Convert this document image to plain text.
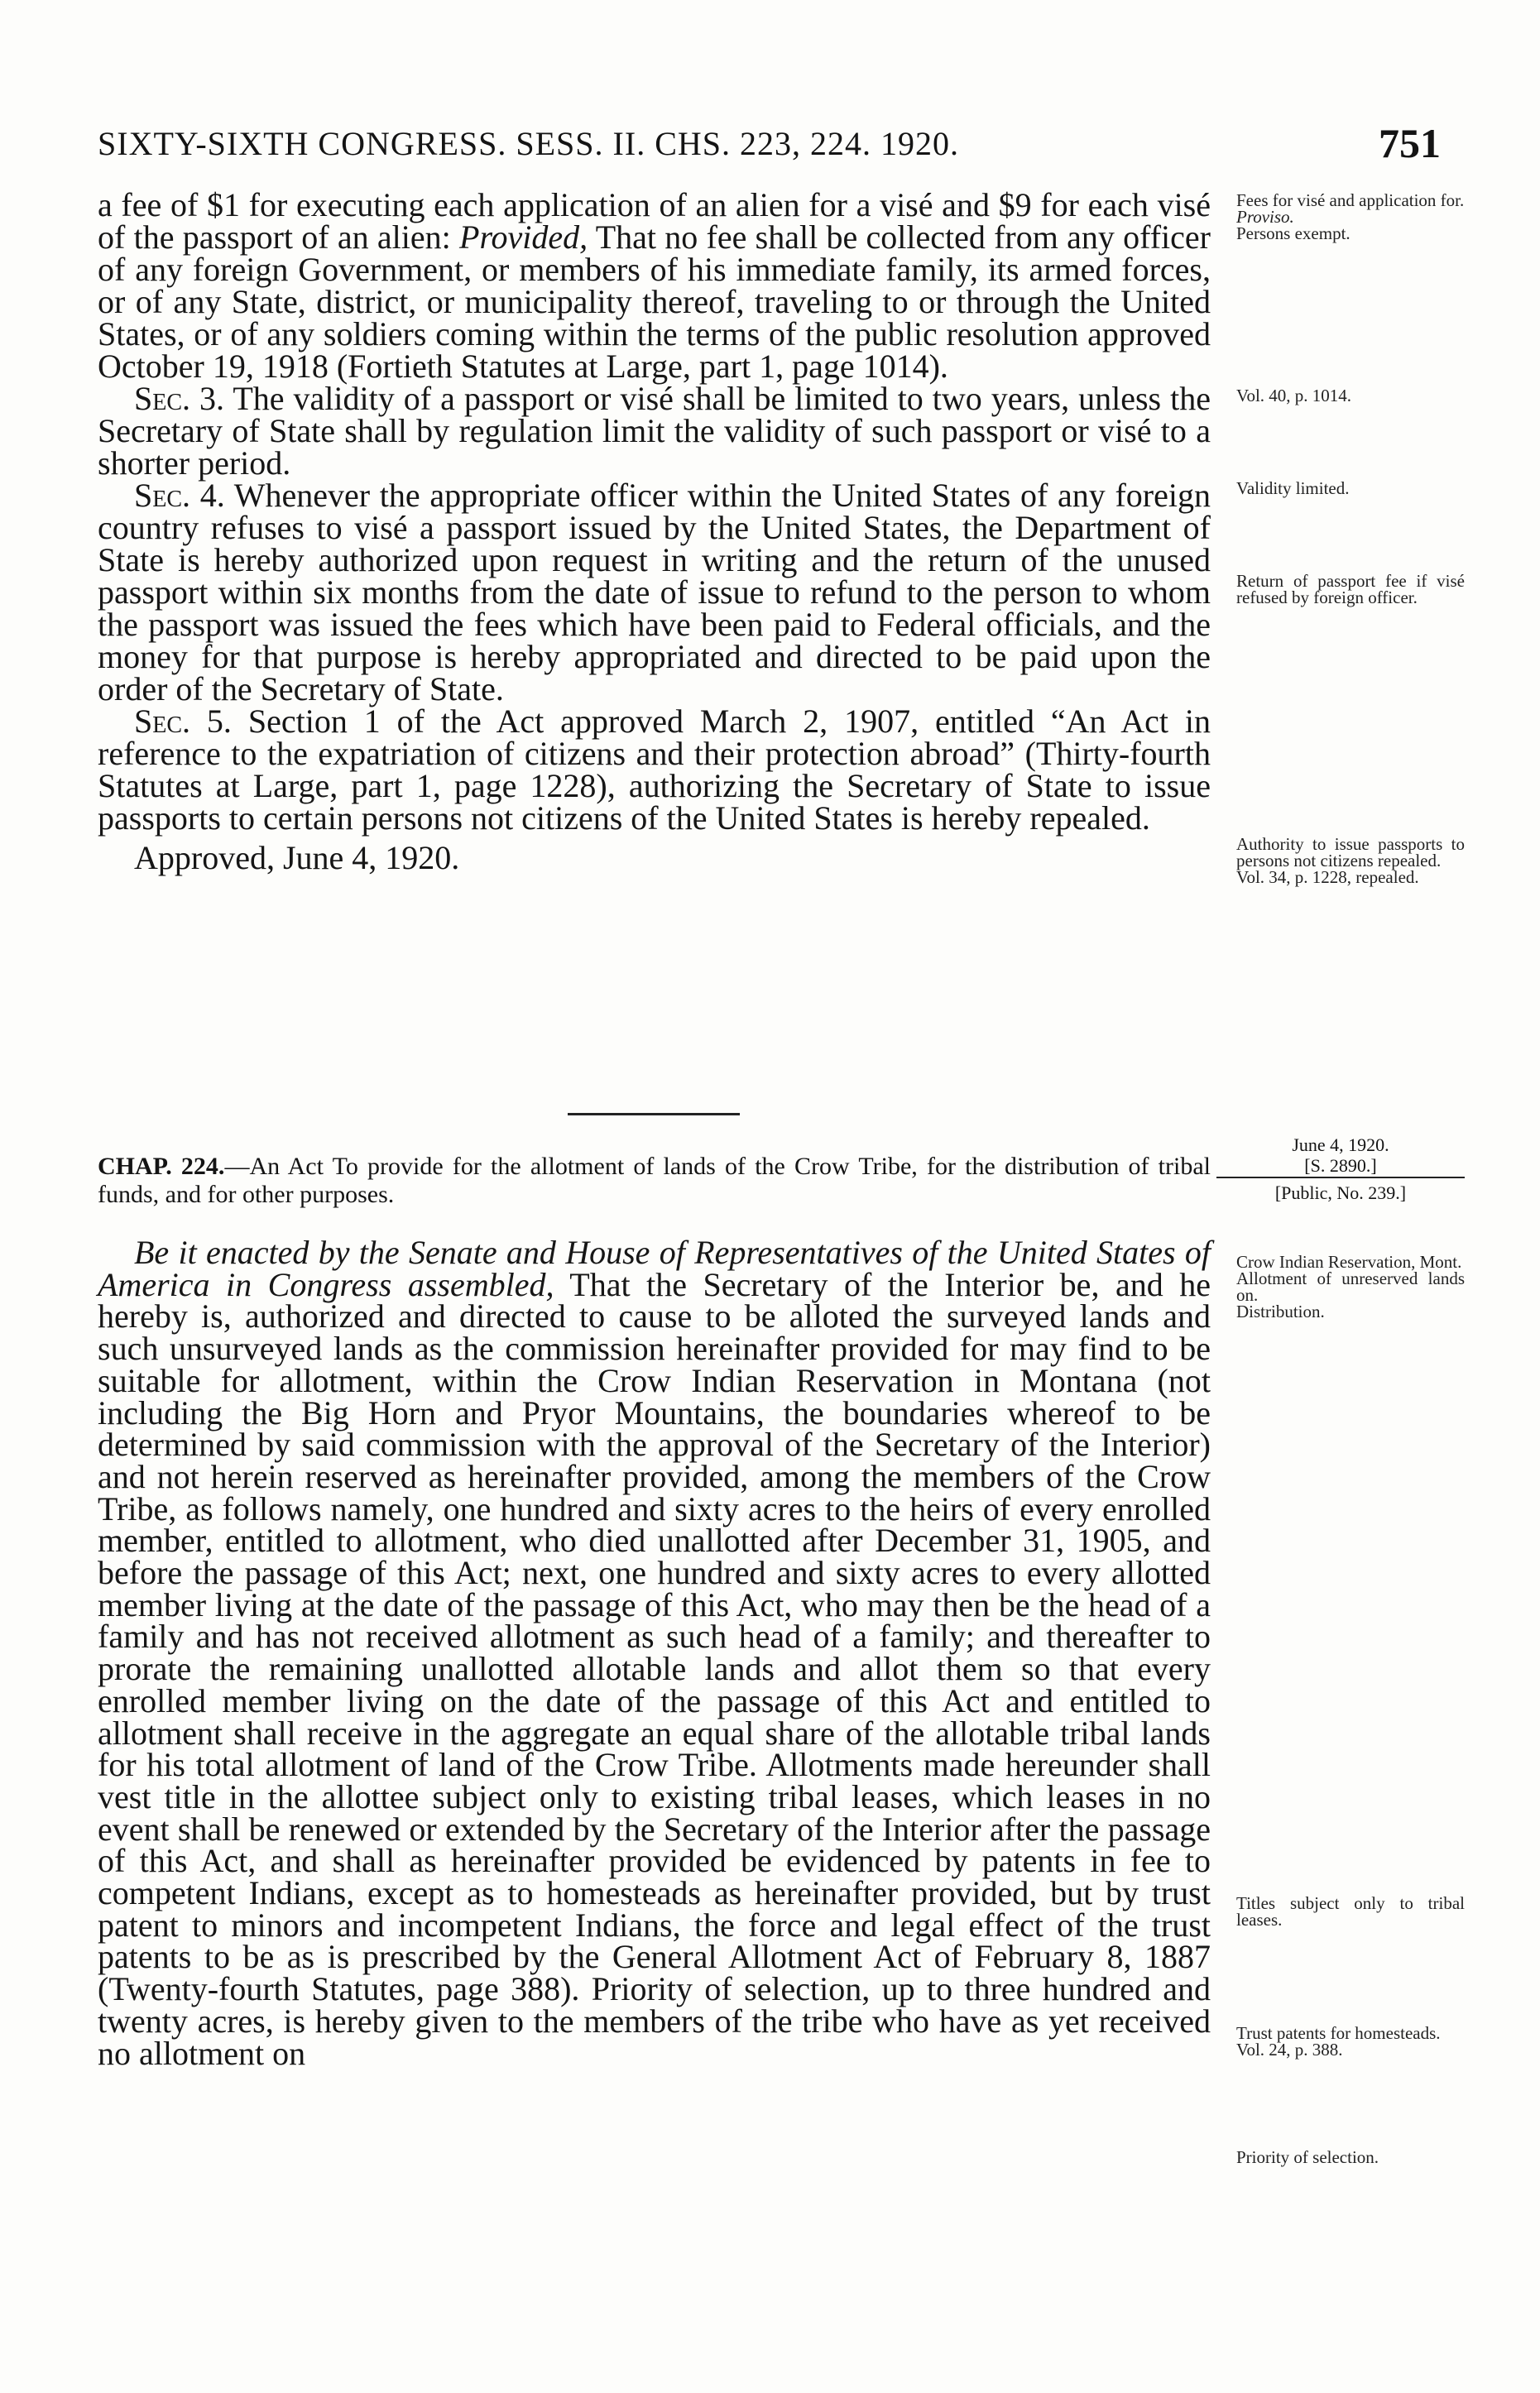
SIXTY-SIXTH CONGRESS. SESS. II. CHS. 223, 224. 1920.	751

a fee of $1 for executing each application of an alien for a visé and $9 for each visé of the passport of an alien: Provided, That no fee shall be collected from any officer of any foreign Government, or members of his immediate family, its armed forces, or of any State, district, or municipality thereof, traveling to or through the United States, or of any soldiers coming within the terms of the public resolution approved October 19, 1918 (Fortieth Statutes at Large, part 1, page 1014).

Sec. 3. The validity of a passport or visé shall be limited to two years, unless the Secretary of State shall by regulation limit the validity of such passport or visé to a shorter period.

Sec. 4. Whenever the appropriate officer within the United States of any foreign country refuses to visé a passport issued by the United States, the Department of State is hereby authorized upon request in writing and the return of the unused passport within six months from the date of issue to refund to the person to whom the passport was issued the fees which have been paid to Federal officials, and the money for that purpose is hereby appropriated and directed to be paid upon the order of the Secretary of State.

Sec. 5. Section 1 of the Act approved March 2, 1907, entitled “An Act in reference to the expatriation of citizens and their protection abroad” (Thirty-fourth Statutes at Large, part 1, page 1228), authorizing the Secretary of State to issue passports to certain persons not citizens of the United States is hereby repealed.

Approved, June 4, 1920.

June 4, 1920.
[S. 2890.]
[Public, No. 239.]
CHAP. 224.—An Act To provide for the allotment of lands of the Crow Tribe, for the distribution of tribal funds, and for other purposes.

Be it enacted by the Senate and House of Representatives of the United States of America in Congress assembled, That the Secretary of the Interior be, and he hereby is, authorized and directed to cause to be alloted the surveyed lands and such unsurveyed lands as the commission hereinafter provided for may find to be suitable for allotment, within the Crow Indian Reservation in Montana (not including the Big Horn and Pryor Mountains, the boundaries whereof to be determined by said commission with the approval of the Secretary of the Interior) and not herein reserved as hereinafter provided, among the members of the Crow Tribe, as follows namely, one hundred and sixty acres to the heirs of every enrolled member, entitled to allotment, who died unallotted after December 31, 1905, and before the passage of this Act; next, one hundred and sixty acres to every allotted member living at the date of the passage of this Act, who may then be the head of a family and has not received allotment as such head of a family; and thereafter to prorate the remaining unallotted allotable lands and allot them so that every enrolled member living on the date of the passage of this Act and entitled to allotment shall receive in the aggregate an equal share of the allotable tribal lands for his total allotment of land of the Crow Tribe. Allotments made hereunder shall vest title in the allottee subject only to existing tribal leases, which leases in no event shall be renewed or extended by the Secretary of the Interior after the passage of this Act, and shall as hereinafter provided be evidenced by patents in fee to competent Indians, except as to homesteads as hereinafter provided, but by trust patent to minors and incompetent Indians, the force and legal effect of the trust patents to be as is prescribed by the General Allotment Act of February 8, 1887 (Twenty-fourth Statutes, page 388). Priority of selection, up to three hundred and twenty acres, is hereby given to the members of the tribe who have as yet received no allotment on

Fees for visé and application for.
Proviso.
Persons exempt.
Vol. 40, p. 1014.
Validity limited.
Return of passport fee if visé refused by foreign officer.
Authority to issue passports to persons not citizens repealed.
Vol. 34, p. 1228, repealed.
Crow Indian Reservation, Mont.
Allotment of unreserved lands on.
Distribution.
Titles subject only to tribal leases.
Trust patents for homesteads.
Vol. 24, p. 388.
Priority of selection.
